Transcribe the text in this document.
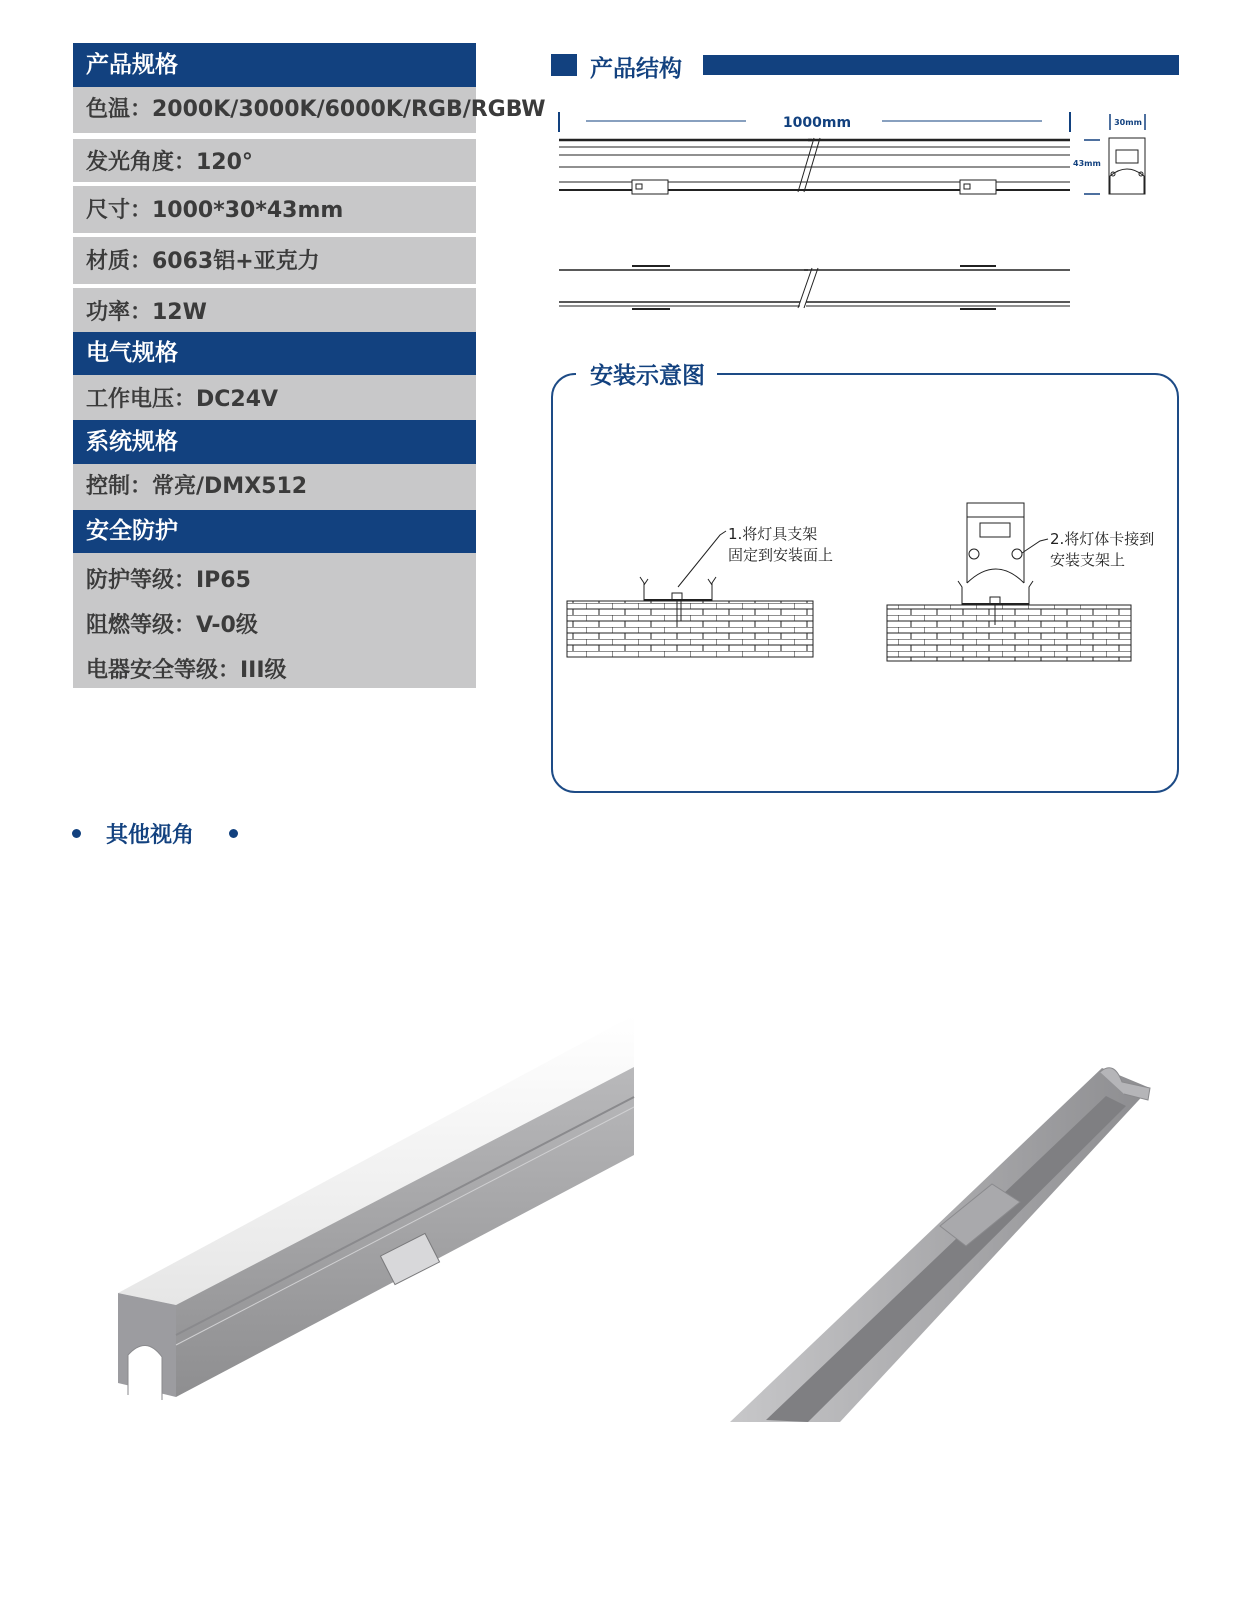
产品规格
色温：2000K/3000K/6000K/RGB/RGBW
发光角度：120°
尺寸：1000*30*43mm
材质：6063铝+亚克力
功率：12W
电气规格
工作电压：DC24V
系统规格
控制：常亮/DMX512
安全防护
防护等级：IP65
阻燃等级：V-0级
电器安全等级：III级
产品结构
1000mm	30mm
43mm
安装示意图
1.将灯具支架
固定到安装面上
2.将灯体卡接到
安装支架上
其他视角
